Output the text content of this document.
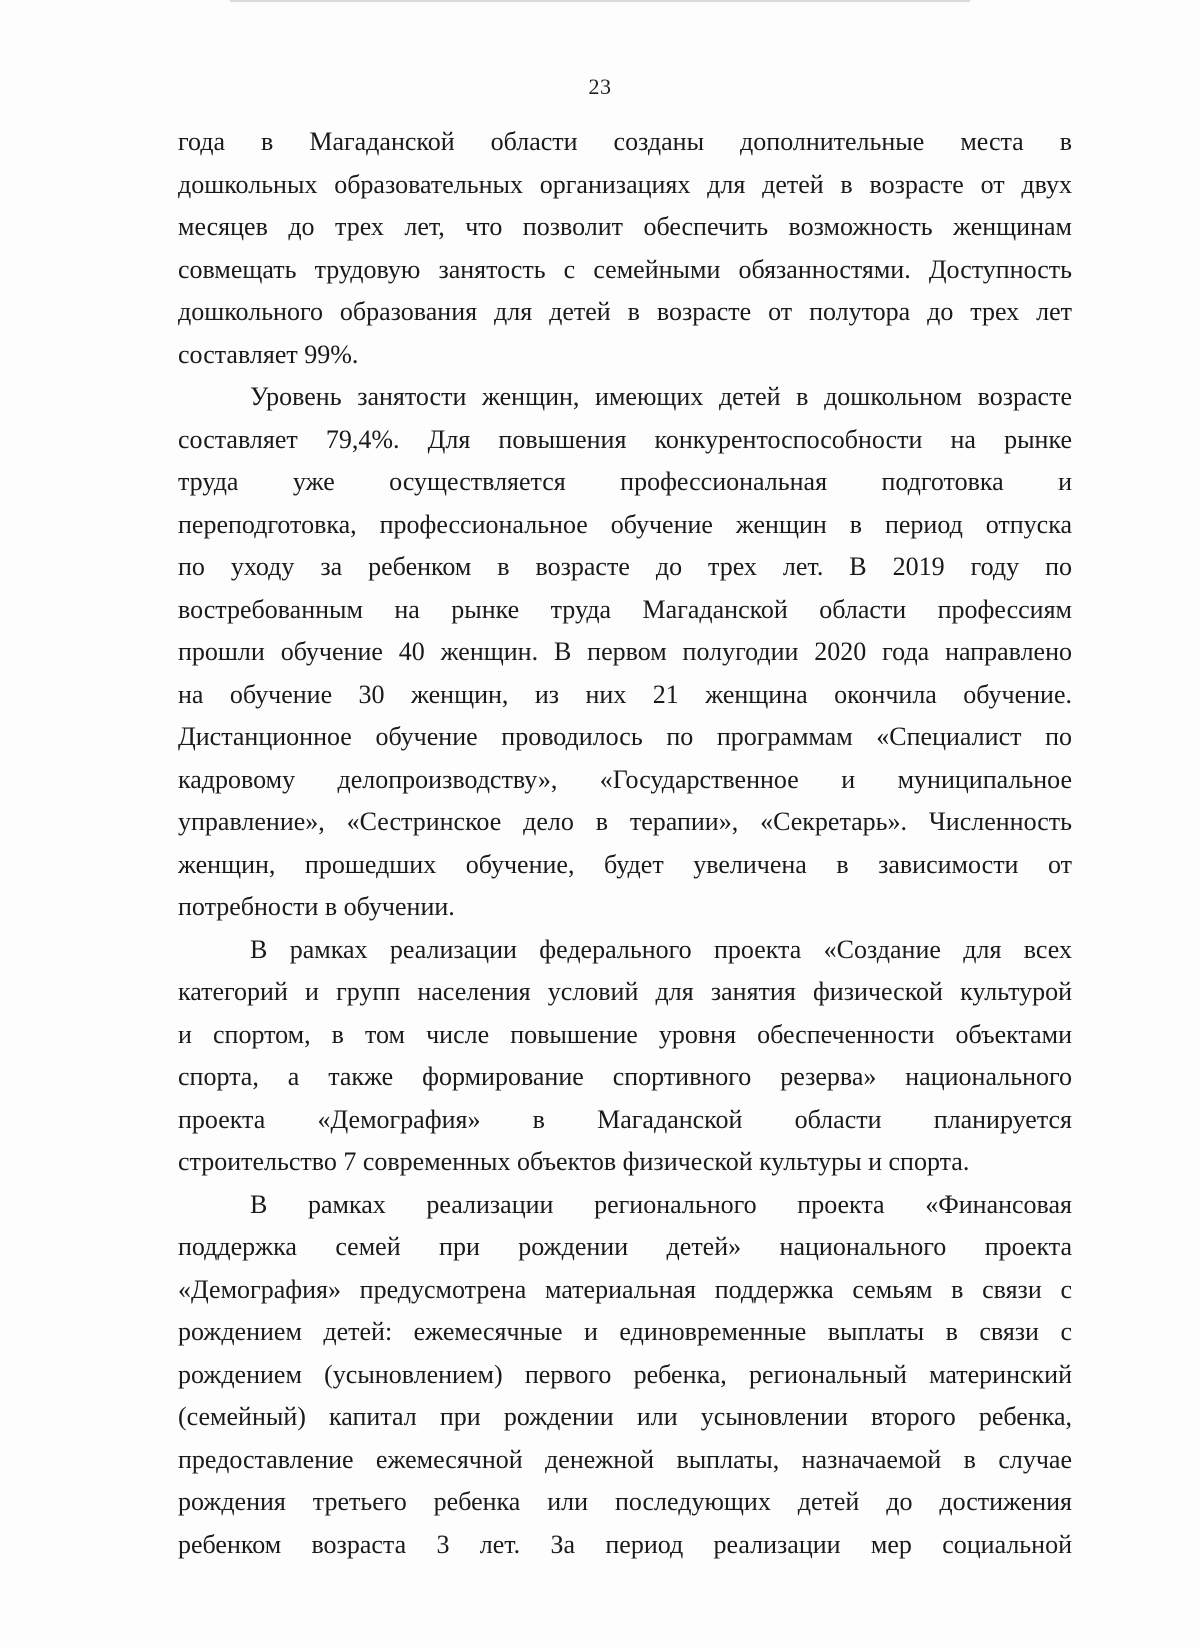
23
года в Магаданской области созданы дополнительные места в
дошкольных образовательных организациях для детей в возрасте от двух
месяцев до трех лет, что позволит обеспечить возможность женщинам
совмещать трудовую занятость с семейными обязанностями. Доступность
дошкольного образования для детей в возрасте от полутора до трех лет
составляет 99%.
Уровень занятости женщин, имеющих детей в дошкольном возрасте
составляет 79,4%. Для повышения конкурентоспособности на рынке
труда уже осуществляется профессиональная подготовка и
переподготовка, профессиональное обучение женщин в период отпуска
по уходу за ребенком в возрасте до трех лет. В 2019 году по
востребованным на рынке труда Магаданской области профессиям
прошли обучение 40 женщин. В первом полугодии 2020 года направлено
на обучение 30 женщин, из них 21 женщина окончила обучение.
Дистанционное обучение проводилось по программам «Специалист по
кадровому делопроизводству», «Государственное и муниципальное
управление», «Сестринское дело в терапии», «Секретарь». Численность
женщин, прошедших обучение, будет увеличена в зависимости от
потребности в обучении.
В рамках реализации федерального проекта «Создание для всех
категорий и групп населения условий для занятия физической культурой
и спортом, в том числе повышение уровня обеспеченности объектами
спорта, а также формирование спортивного резерва» национального
проекта «Демография» в Магаданской области планируется
строительство 7 современных объектов физической культуры и спорта.
В рамках реализации регионального проекта «Финансовая
поддержка семей при рождении детей» национального проекта
«Демография» предусмотрена материальная поддержка семьям в связи с
рождением детей: ежемесячные и единовременные выплаты в связи с
рождением (усыновлением) первого ребенка, региональный материнский
(семейный) капитал при рождении или усыновлении второго ребенка,
предоставление ежемесячной денежной выплаты, назначаемой в случае
рождения третьего ребенка или последующих детей до достижения
ребенком возраста 3 лет. За период реализации мер социальной
